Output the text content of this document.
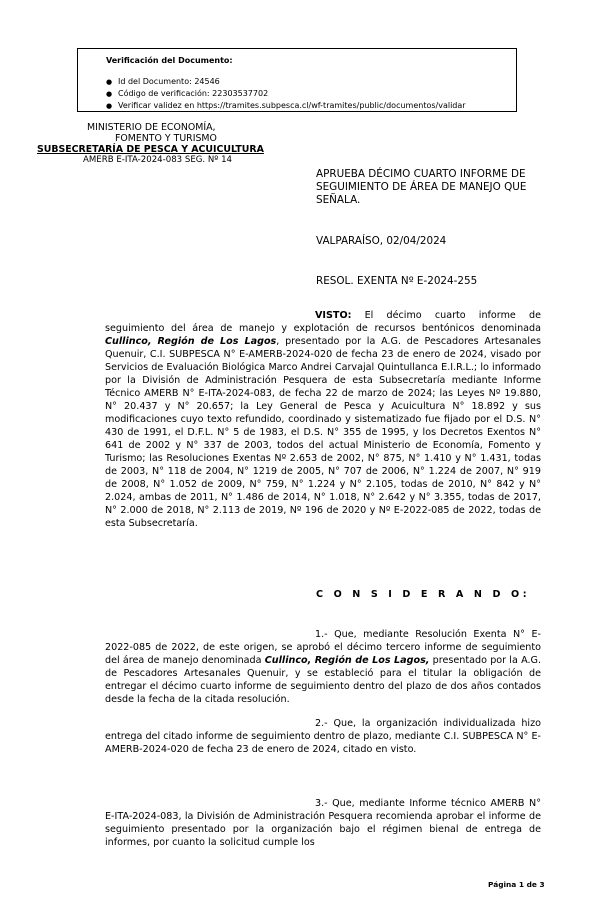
Verificación del Documento:
● Id del Documento: 24546
● Código de verificación: 22303537702
● Verificar validez en https://tramites.subpesca.cl/wf-tramites/public/documentos/validar
MINISTERIO DE ECONOMÍA,
FOMENTO Y TURISMO
SUBSECRETARÍA DE PESCA Y ACUICULTURA
AMERB E-ITA-2024-083 SEG. Nº 14
APRUEBA DÉCIMO CUARTO INFORME DE
SEGUIMIENTO DE ÁREA DE MANEJO QUE
SEÑALA.
VALPARAÍSO, 02/04/2024
RESOL. EXENTA Nº E-2024-255

VISTO: El décimo cuarto informe de seguimiento del área de manejo y explotación de recursos bentónicos denominada Cullinco, Región de Los Lagos, presentado por la A.G. de Pescadores Artesanales Quenuir, C.I. SUBPESCA N° E-AMERB-2024-020 de fecha 23 de enero de 2024, visado por Servicios de Evaluación Biológica Marco Andrei Carvajal Quintullanca E.I.R.L.; lo informado por la División de Administración Pesquera de esta Subsecretaría mediante Informe Técnico AMERB N° E-ITA-2024-083, de fecha 22 de marzo de 2024; las Leyes Nº 19.880, N° 20.437 y N° 20.657; la Ley General de Pesca y Acuicultura N° 18.892 y sus modificaciones cuyo texto refundido, coordinado y sistematizado fue fijado por el D.S. N° 430 de 1991, el D.F.L. N° 5 de 1983, el D.S. N° 355 de 1995, y los Decretos Exentos N° 641 de 2002 y N° 337 de 2003, todos del actual Ministerio de Economía, Fomento y Turismo; las Resoluciones Exentas Nº 2.653 de 2002, N° 875, N° 1.410 y N° 1.431, todas de 2003, N° 118 de 2004, N° 1219 de 2005, N° 707 de 2006, N° 1.224 de 2007, N° 919 de 2008, N° 1.052 de 2009, N° 759, N° 1.224 y N° 2.105, todas de 2010, N° 842 y N° 2.024, ambas de 2011, N° 1.486 de 2014, N° 1.018, N° 2.642 y N° 3.355, todas de 2017, N° 2.000 de 2018, N° 2.113 de 2019, Nº 196 de 2020 y Nº E-2022-085 de 2022, todas de esta Subsecretaría.

C O N S I D E R A N D O:

1.- Que, mediante Resolución Exenta N° E-2022-085 de 2022, de este origen, se aprobó el décimo tercero informe de seguimiento del área de manejo denominada Cullinco, Región de Los Lagos, presentado por la A.G. de Pescadores Artesanales Quenuir, y se estableció para el titular la obligación de entregar el décimo cuarto informe de seguimiento dentro del plazo de dos años contados desde la fecha de la citada resolución.

2.- Que, la organización individualizada hizo entrega del citado informe de seguimiento dentro de plazo, mediante C.I. SUBPESCA N° E-AMERB-2024-020 de fecha 23 de enero de 2024, citado en visto.

3.- Que, mediante Informe técnico AMERB N° E-ITA-2024-083, la División de Administración Pesquera recomienda aprobar el informe de seguimiento presentado por la organización bajo el régimen bienal de entrega de informes, por cuanto la solicitud cumple los

Página 1 de 3
